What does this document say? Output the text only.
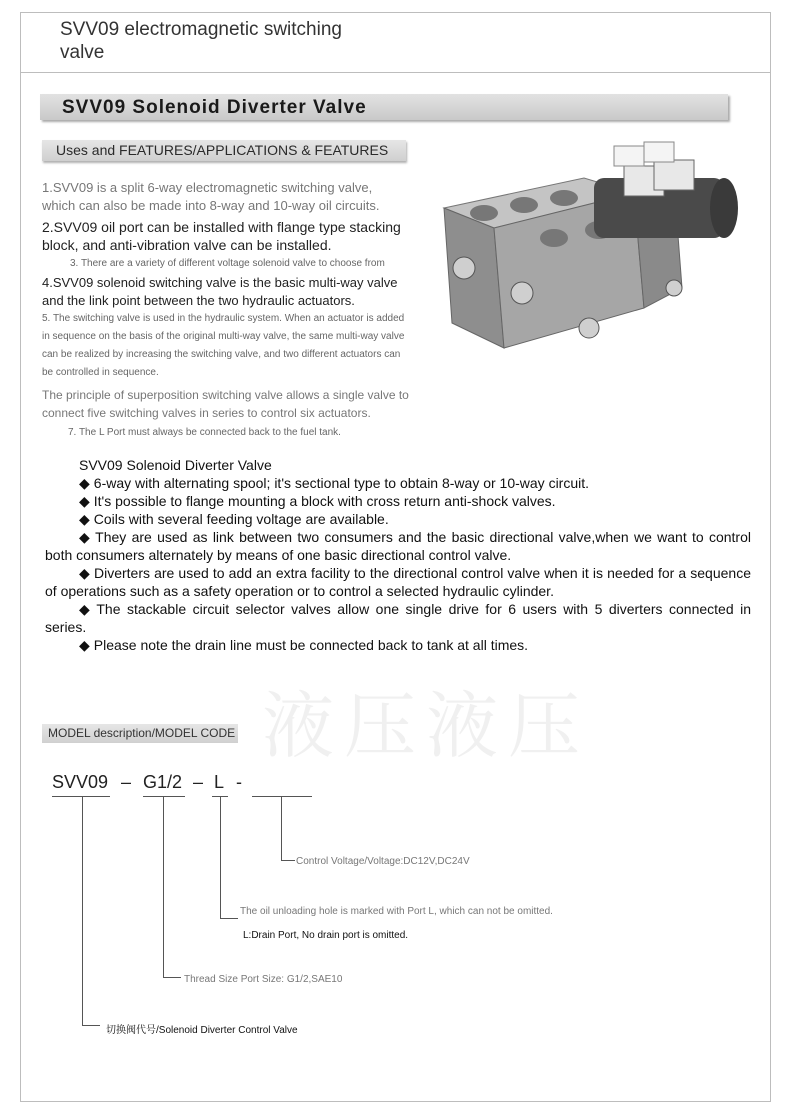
SVV09 electromagnetic switching valve
SVV09 Solenoid Diverter Valve
Uses and FEATURES/APPLICATIONS & FEATURES
1.SVV09 is a split 6-way electromagnetic switching valve, which can also be made into 8-way and 10-way oil circuits.
2.SVV09 oil port can be installed with flange type stacking block, and anti-vibration valve can be installed.
3. There are a variety of different voltage solenoid valve to choose from
4.SVV09 solenoid switching valve is the basic multi-way valve and the link point between the two hydraulic actuators.
5. The switching valve is used in the hydraulic system. When an actuator is added in sequence on the basis of the original multi-way valve, the same multi-way valve can be realized by increasing the switching valve, and two different actuators can be controlled in sequence.
The principle of superposition switching valve allows a single valve to connect five switching valves in series to control six actuators.
7. The L Port must always be connected back to the fuel tank.
液压液压
SVV09 Solenoid Diverter Valve
◆ 6-way with alternating spool; it's sectional type to obtain 8-way or 10-way circuit.
◆ It's possible to flange mounting a block with cross return anti-shock valves.
◆ Coils with several feeding voltage are available.
◆ They are used as link between two consumers and the basic directional valve,when we want to control both consumers alternately by means of one basic directional control valve.
◆ Diverters are used to add an extra facility to the directional control valve when it is needed for a sequence of operations such as a safety operation or to control a selected hydraulic cylinder.
◆ The stackable circuit selector valves allow one single drive for 6 users with 5 diverters connected in series.
◆ Please note the drain line must be connected back to tank at all times.
MODEL description/MODEL CODE
SVV09 – G1/2 – L -
Control Voltage/Voltage:DC12V,DC24V
The oil unloading hole is marked with Port L, which can not be omitted.
L:Drain Port, No drain port is omitted.
Thread Size Port Size: G1/2,SAE10
切换阀代号/Solenoid Diverter Control Valve
